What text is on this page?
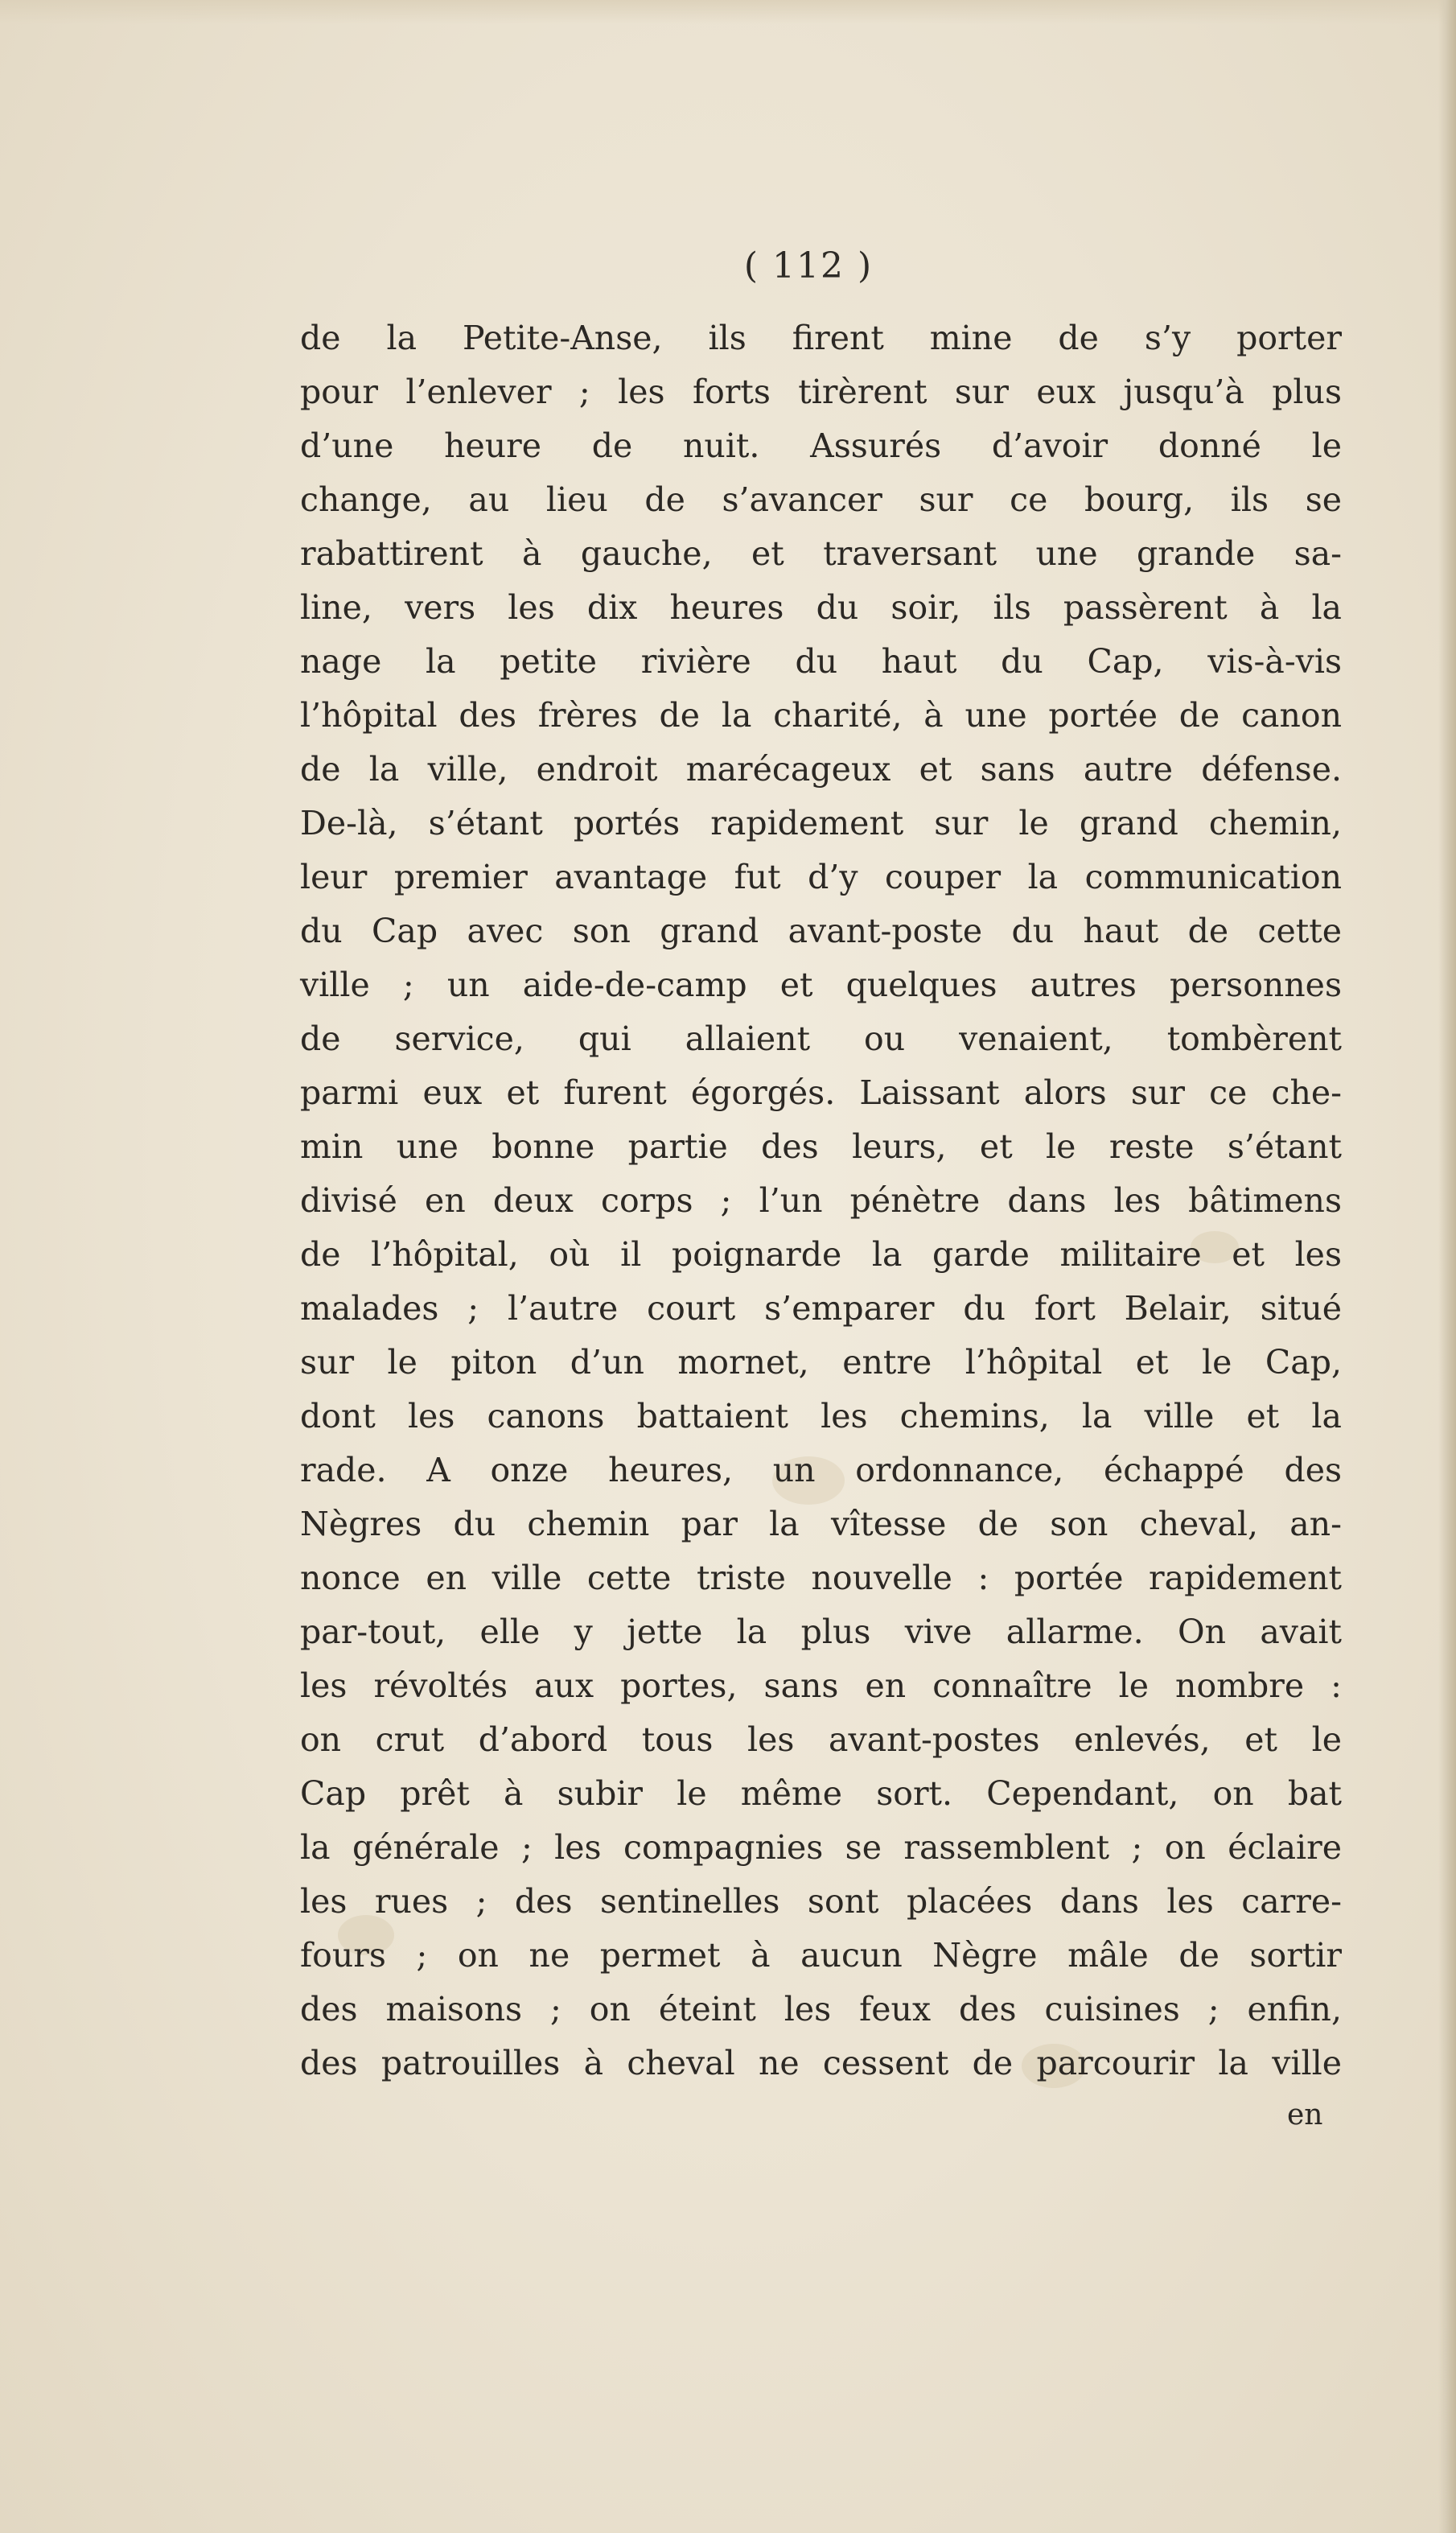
( 112 )

de la Petite-Anse, ils firent mine de s’y porter

pour l’enlever ; les forts tirèrent sur eux jusqu’à plus

d’une heure de nuit. Assurés d’avoir donné le

change, au lieu de s’avancer sur ce bourg, ils se

rabattirent à gauche, et traversant une grande sa-

line, vers les dix heures du soir, ils passèrent à la

nage la petite rivière du haut du Cap, vis-à-vis

l’hôpital des frères de la charité, à une portée de canon

de la ville, endroit marécageux et sans autre défense.

De-là, s’étant portés rapidement sur le grand chemin,

leur premier avantage fut d’y couper la communication

du Cap avec son grand avant-poste du haut de cette

ville ; un aide-de-camp et quelques autres personnes

de service, qui allaient ou venaient, tombèrent

parmi eux et furent égorgés. Laissant alors sur ce che-

min une bonne partie des leurs, et le reste s’étant

divisé en deux corps ; l’un pénètre dans les bâtimens

de l’hôpital, où il poignarde la garde militaire et les

malades ; l’autre court s’emparer du fort Belair, situé

sur le piton d’un mornet, entre l’hôpital et le Cap,

dont les canons battaient les chemins, la ville et la

rade. A onze heures, un ordonnance, échappé des

Nègres du chemin par la vîtesse de son cheval, an-

nonce en ville cette triste nouvelle : portée rapidement

par-tout, elle y jette la plus vive allarme. On avait

les révoltés aux portes, sans en connaître le nombre :

on crut d’abord tous les avant-postes enlevés, et le

Cap prêt à subir le même sort. Cependant, on bat

la générale ; les compagnies se rassemblent ; on éclaire

les rues ; des sentinelles sont placées dans les carre-

fours ; on ne permet à aucun Nègre mâle de sortir

des maisons ; on éteint les feux des cuisines ; enfin,

des patrouilles à cheval ne cessent de parcourir la ville

en
